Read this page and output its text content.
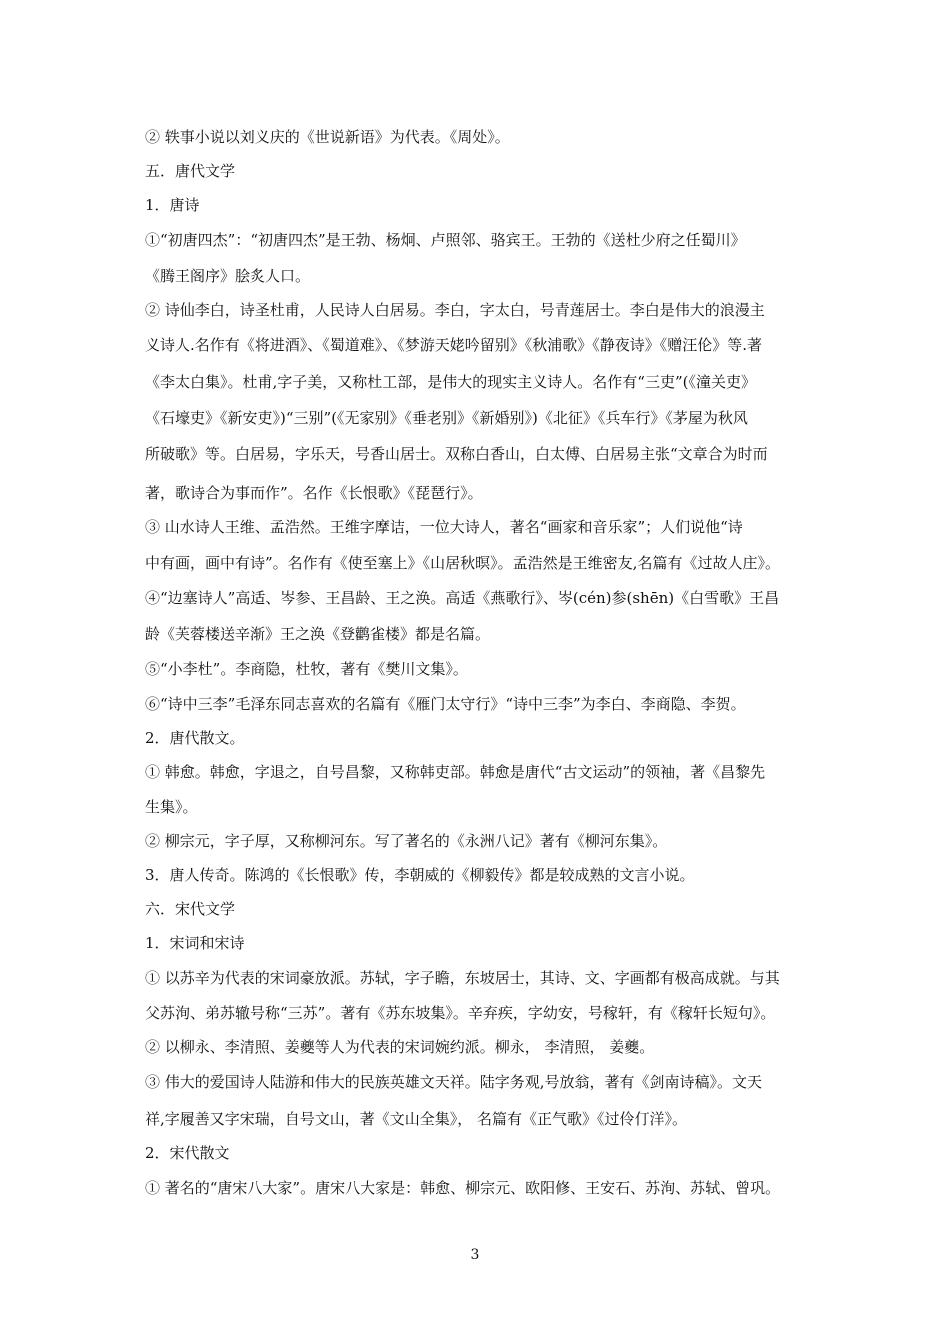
② 轶事小说以刘义庆的《世说新语》为代表。《周处》。
五．唐代文学
1．唐诗
①“初唐四杰”：“初唐四杰”是王勃、杨炯、卢照邻、骆宾王。王勃的《送杜少府之任蜀川》
《腾王阁序》脍炙人口。
② 诗仙李白，诗圣杜甫，人民诗人白居易。李白，字太白，号青莲居士。李白是伟大的浪漫主
义诗人.名作有《将进酒》、《蜀道难》、《梦游天姥吟留别》《秋浦歌》《静夜诗》《赠汪伦》等.著
《李太白集》。杜甫,字子美，又称杜工部，是伟大的现实主义诗人。名作有“三吏”(《潼关吏》
《石壕吏》《新安吏》)“三别”(《无家别》《垂老别》《新婚别》)《北征》《兵车行》《茅屋为秋风
所破歌》等。白居易，字乐天，号香山居士。双称白香山，白太傅、白居易主张“文章合为时而
著，歌诗合为事而作”。名作《长恨歌》《琵琶行》。
③ 山水诗人王维、孟浩然。王维字摩诘，一位大诗人，著名“画家和音乐家”；人们说他“诗
中有画，画中有诗”。名作有《使至塞上》《山居秋暝》。孟浩然是王维密友,名篇有《过故人庄》。
④“边塞诗人”高适、岑参、王昌龄、王之涣。高适《燕歌行》、岑(cén)参(shēn)《白雪歌》王昌
龄《芙蓉楼送辛渐》王之涣《登鹳雀楼》都是名篇。
⑤“小李杜”。李商隐，杜牧，著有《樊川文集》。
⑥“诗中三李”毛泽东同志喜欢的名篇有《雁门太守行》“诗中三李”为李白、李商隐、李贺。
2．唐代散文。
① 韩愈。韩愈，字退之，自号昌黎，又称韩吏部。韩愈是唐代“古文运动”的领袖，著《昌黎先
生集》。
② 柳宗元，字子厚，又称柳河东。写了著名的《永洲八记》著有《柳河东集》。
3．唐人传奇。陈鸿的《长恨歌》传，李朝威的《柳毅传》都是较成熟的文言小说。
六．宋代文学
1．宋词和宋诗
① 以苏辛为代表的宋词豪放派。苏轼，字子瞻，东坡居士，其诗、文、字画都有极高成就。与其
父苏洵、弟苏辙号称“三苏”。著有《苏东坡集》。辛弃疾，字幼安，号稼轩，有《稼轩长短句》。
② 以柳永、李清照、姜夔等人为代表的宋词婉约派。柳永， 李清照， 姜夔。
③ 伟大的爱国诗人陆游和伟大的民族英雄文天祥。陆字务观,号放翁，著有《剑南诗稿》。文天
祥,字履善又字宋瑞，自号文山，著《文山全集》， 名篇有《正气歌》《过伶仃洋》。
2．宋代散文
① 著名的“唐宋八大家”。唐宋八大家是：韩愈、柳宗元、欧阳修、王安石、苏洵、苏轼、曾巩。
3
